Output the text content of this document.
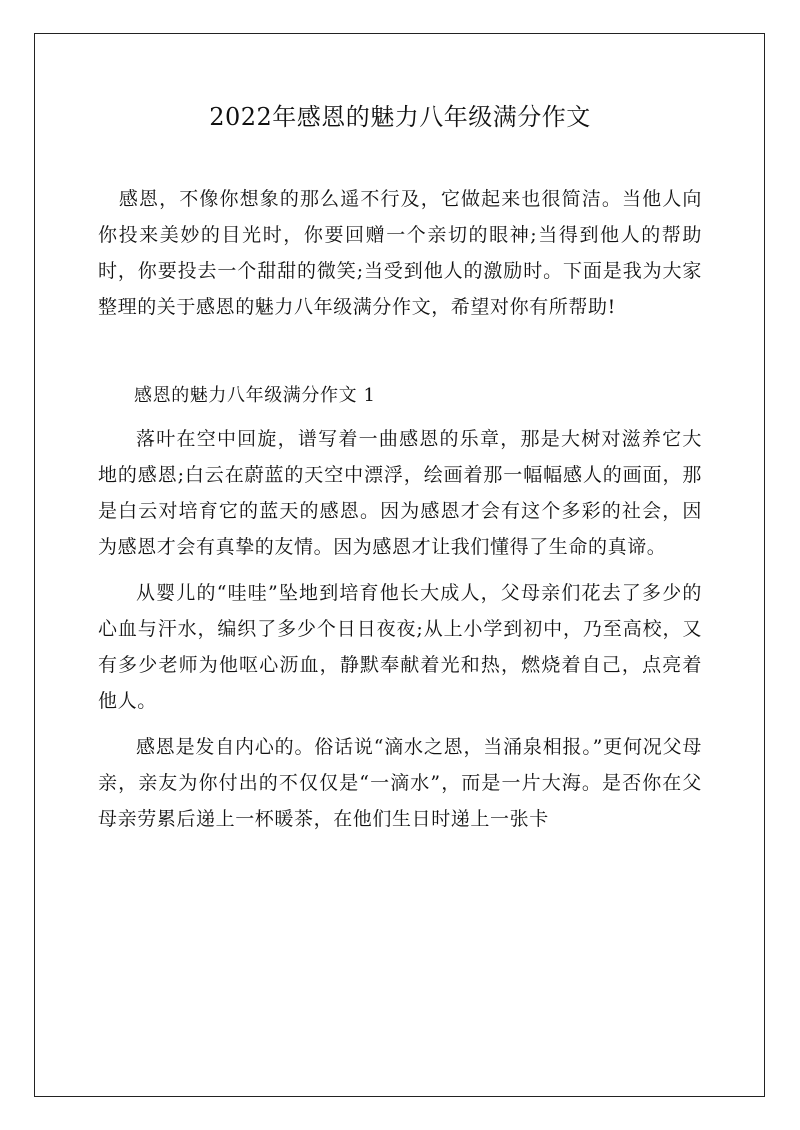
2022年感恩的魅力八年级满分作文

感恩，不像你想象的那么遥不行及，它做起来也很简洁。当他人向你投来美妙的目光时，你要回赠一个亲切的眼神;当得到他人的帮助时，你要投去一个甜甜的微笑;当受到他人的激励时。下面是我为大家整理的关于感恩的魅力八年级满分作文，希望对你有所帮助!

感恩的魅力八年级满分作文 1

落叶在空中回旋，谱写着一曲感恩的乐章，那是大树对滋养它大地的感恩;白云在蔚蓝的天空中漂浮，绘画着那一幅幅感人的画面，那是白云对培育它的蓝天的感恩。因为感恩才会有这个多彩的社会，因为感恩才会有真挚的友情。因为感恩才让我们懂得了生命的真谛。

从婴儿的“哇哇”坠地到培育他长大成人，父母亲们花去了多少的心血与汗水，编织了多少个日日夜夜;从上小学到初中，乃至高校，又有多少老师为他呕心沥血，静默奉献着光和热，燃烧着自己，点亮着他人。

感恩是发自内心的。俗话说“滴水之恩，当涌泉相报。”更何况父母亲，亲友为你付出的不仅仅是“一滴水”，而是一片大海。是否你在父母亲劳累后递上一杯暖茶，在他们生日时递上一张卡
